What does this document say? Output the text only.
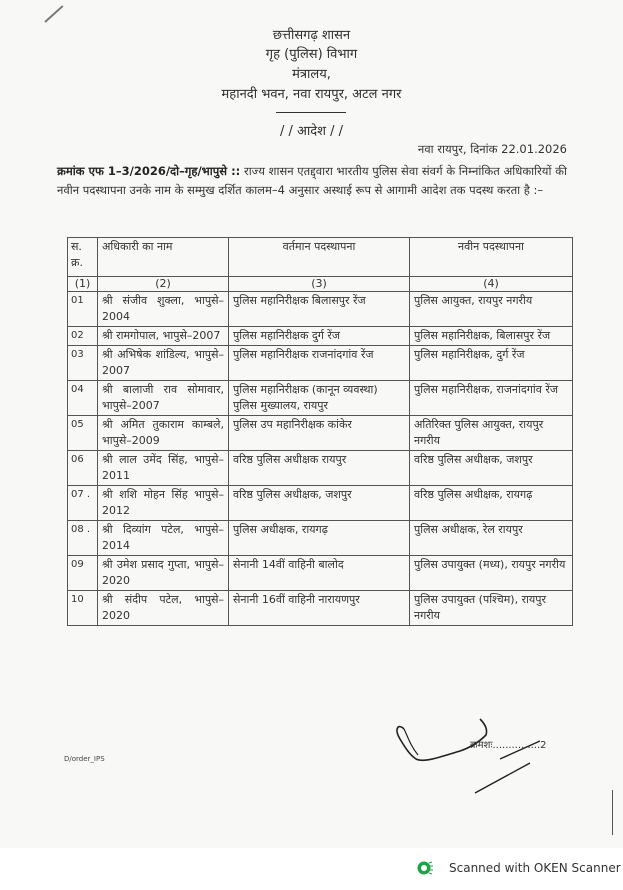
छत्तीसगढ़ शासन
गृह (पुलिस) विभाग
मंत्रालय,
महानदी भवन, नवा रायपुर, अटल नगर
/ / आदेश / /
नवा रायपुर, दिनांक 22.01.2026
क्रमांक एफ 1–3/2026/दो–गृह/भापुसे :: राज्य शासन एतद्द्वारा भारतीय पुलिस सेवा संवर्ग के निम्नांकित अधिकारियों की नवीन पदस्थापना उनके नाम के सम्मुख दर्शित कालम–4 अनुसार अस्थाई रूप से आगामी आदेश तक पदस्थ करता है :–
स. क्र.	अधिकारी का नाम	वर्तमान पदस्थापना	नवीन पदस्थापना
(1)	(2)	(3)	(4)
01	श्री संजीव शुक्ला, भापुसे–2004	पुलिस महानिरीक्षक बिलासपुर रेंज	पुलिस आयुक्त, रायपुर नगरीय
02	श्री रामगोपाल, भापुसे–2007	पुलिस महानिरीक्षक दुर्ग रेंज	पुलिस महानिरीक्षक, बिलासपुर रेंज
03	श्री अभिषेक शांडिल्य, भापुसे–2007	पुलिस महानिरीक्षक राजनांदगांव रेंज	पुलिस महानिरीक्षक, दुर्ग रेंज
04	श्री बालाजी राव सोमावार, भापुसे–2007	पुलिस महानिरीक्षक (कानून व्यवस्था) पुलिस मुख्यालय, रायपुर	पुलिस महानिरीक्षक, राजनांदगांव रेंज
05	श्री अमित तुकाराम काम्बले, भापुसे–2009	पुलिस उप महानिरीक्षक कांकेर	अतिरिक्त पुलिस आयुक्त, रायपुर नगरीय
06	श्री लाल उमेंद सिंह, भापुसे–2011	वरिष्ठ पुलिस अधीक्षक रायपुर	वरिष्ठ पुलिस अधीक्षक, जशपुर
07 .	श्री शशि मोहन सिंह भापुसे– 2012	वरिष्ठ पुलिस अधीक्षक, जशपुर	वरिष्ठ पुलिस अधीक्षक, रायगढ़
08 .	श्री दिव्यांग पटेल, भापुसे–2014	पुलिस अधीक्षक, रायगढ़	पुलिस अधीक्षक, रेल रायपुर
09	श्री उमेश प्रसाद गुप्ता, भापुसे–2020	सेनानी 14वीं वाहिनी बालोद	पुलिस उपायुक्त (मध्य), रायपुर नगरीय
10	श्री संदीप पटेल, भापुसे–2020	सेनानी 16वीं वाहिनी नारायणपुर	पुलिस उपायुक्त (पश्चिम), रायपुर नगरीय
क्रमशः...............2
D/order_IPS
Scanned with OKEN Scanner
